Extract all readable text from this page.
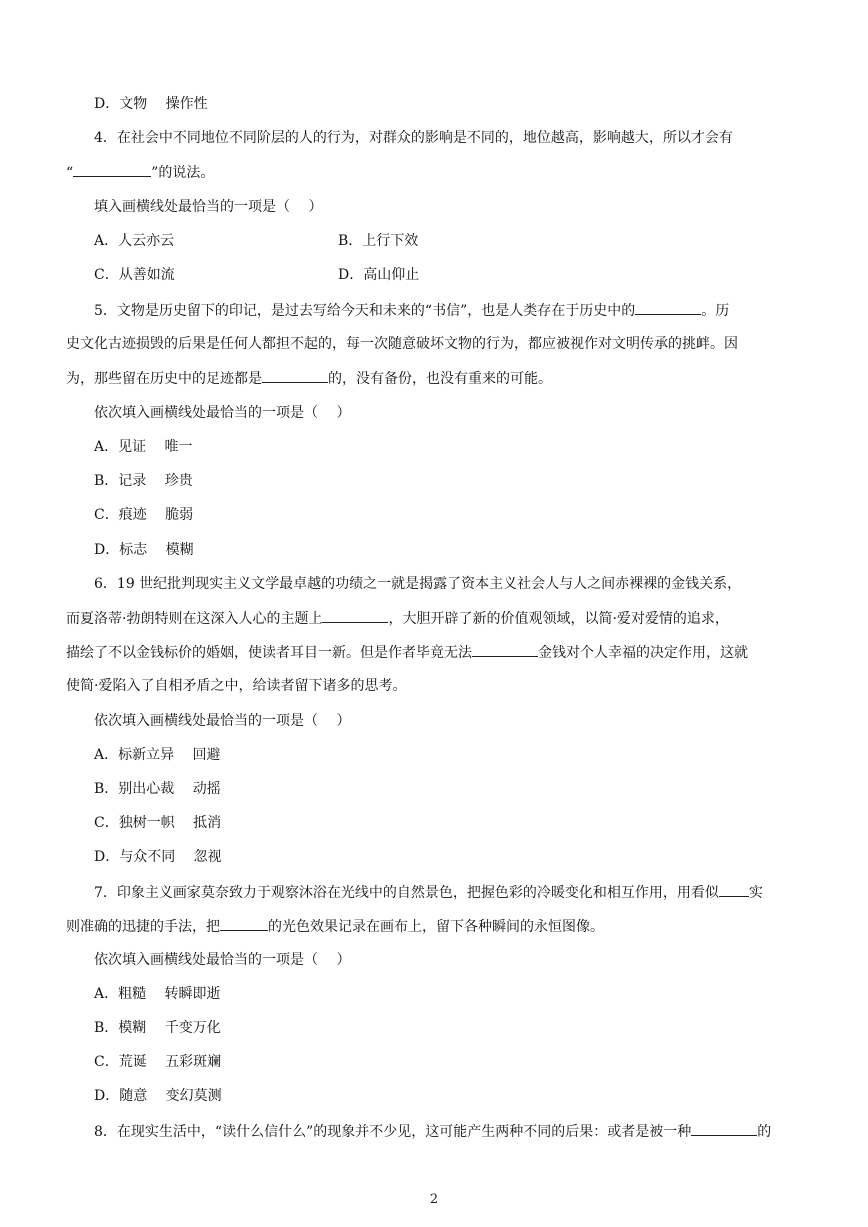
D．文物　 操作性
4．在社会中不同地位不同阶层的人的行为，对群众的影响是不同的，地位越高，影响越大，所以才会有
“	”的说法。
填入画横线处最恰当的一项是（　 ）
A．人云亦云	B．上行下效
C．从善如流	D．高山仰止
5．文物是历史留下的印记，是过去写给今天和未来的“书信”，也是人类存在于历史中的	。历
史文化古迹损毁的后果是任何人都担不起的，每一次随意破坏文物的行为，都应被视作对文明传承的挑衅。因
为，那些留在历史中的足迹都是	的，没有备份，也没有重来的可能。
依次填入画横线处最恰当的一项是（　 ）
A．见证　 唯一
B．记录　 珍贵
C．痕迹　 脆弱
D．标志　 模糊
6．19 世纪批判现实主义文学最卓越的功绩之一就是揭露了资本主义社会人与人之间赤裸裸的金钱关系，
而夏洛蒂·勃朗特则在这深入人心的主题上	，大胆开辟了新的价值观领域，以简·爱对爱情的追求，
描绘了不以金钱标价的婚姻，使读者耳目一新。但是作者毕竟无法	金钱对个人幸福的决定作用，这就
使简·爱陷入了自相矛盾之中，给读者留下诸多的思考。
依次填入画横线处最恰当的一项是（　 ）
A．标新立异　 回避
B．别出心裁　 动摇
C．独树一帜　 抵消
D．与众不同　 忽视
7．印象主义画家莫奈致力于观察沐浴在光线中的自然景色，把握色彩的冷暖变化和相互作用，用看似 实
则准确的迅捷的手法，把	的光色效果记录在画布上，留下各种瞬间的永恒图像。
依次填入画横线处最恰当的一项是（　 ）
A．粗糙　 转瞬即逝
B．模糊　 千变万化
C．荒诞　 五彩斑斓
D．随意　 变幻莫测
8．在现实生活中，“读什么信什么”的现象并不少见，这可能产生两种不同的后果：或者是被一种	的
2
